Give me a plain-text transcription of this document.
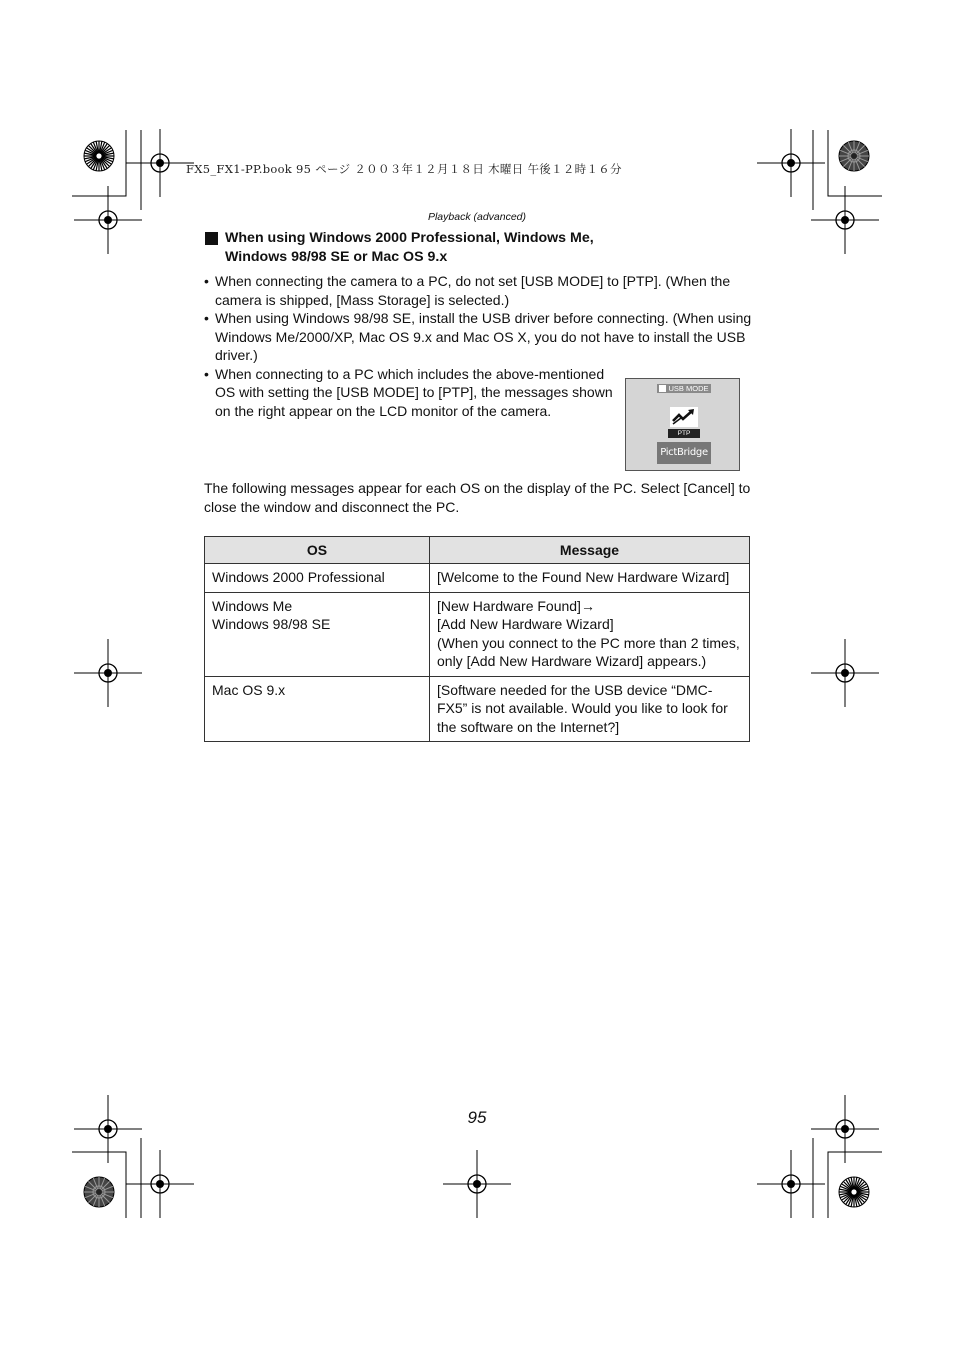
FX5_FX1-PP.book 95 ページ ２００３年１２月１８日 木曜日 午後１２時１６分
Playback (advanced)
When using Windows 2000 Professional, Windows Me,
Windows 98/98 SE or Mac OS 9.x
• When connecting the camera to a PC, do not set [USB MODE] to [PTP]. (When the camera is shipped, [Mass Storage] is selected.)
• When using Windows 98/98 SE, install the USB driver before connecting. (When using Windows Me/2000/XP, Mac OS 9.x and Mac OS X, you do not have to install the USB driver.)
• When connecting to a PC which includes the above-mentioned OS with setting the [USB MODE] to [PTP], the messages shown on the right appear on the LCD monitor of the camera.
USB MODE
PTP
PictBridge
The following messages appear for each OS on the display of the PC. Select [Cancel] to close the window and disconnect the PC.
OS	Message
Windows 2000 Professional	[Welcome to the Found New Hardware Wizard]
Windows Me
Windows 98/98 SE	[New Hardware Found]→
[Add New Hardware Wizard]
(When you connect to the PC more than 2 times, only [Add New Hardware Wizard] appears.)
Mac OS 9.x	[Software needed for the USB device “DMC-FX5” is not available. Would you like to look for the software on the Internet?]
95
